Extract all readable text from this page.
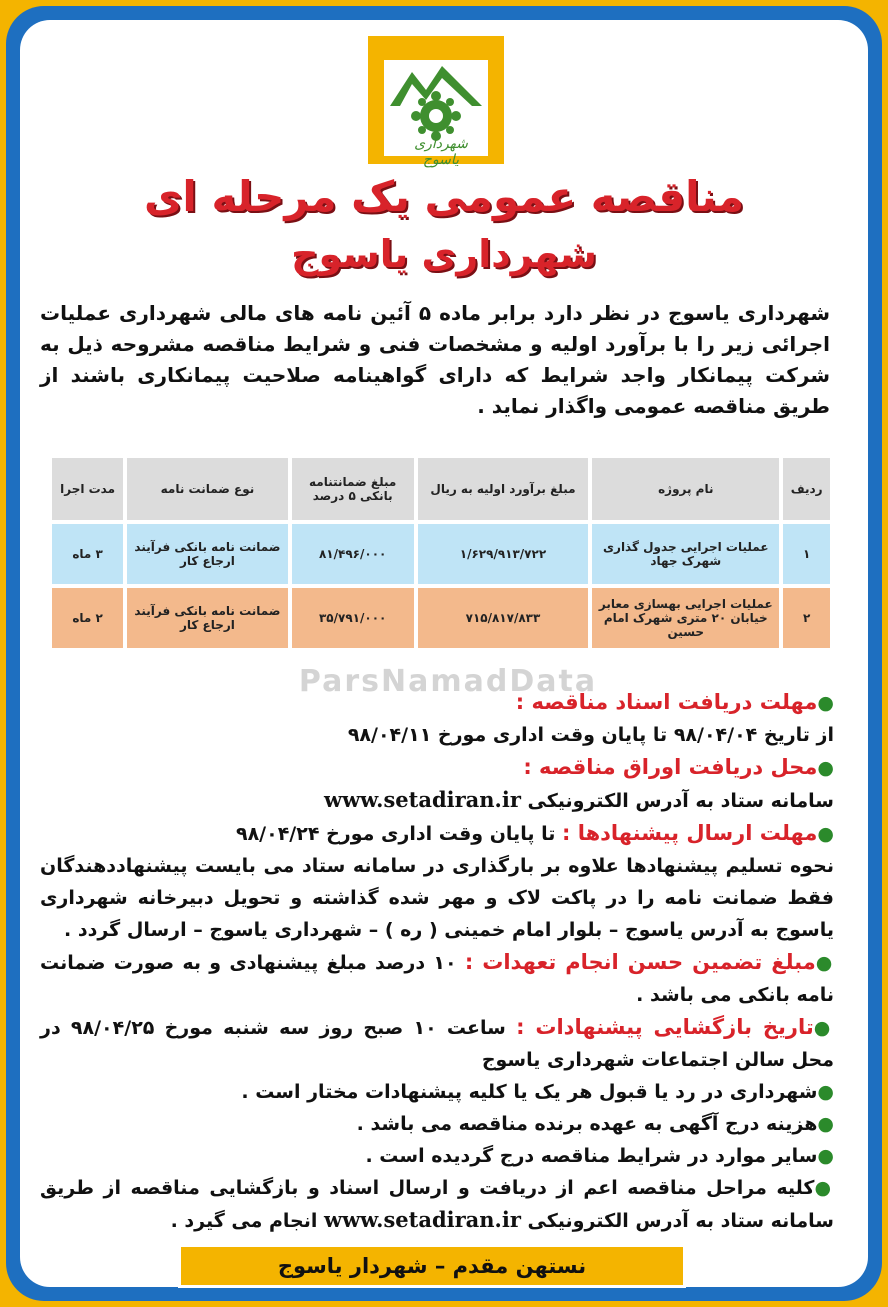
شهرداری یاسوج
مناقصه عمومی یک مرحله ای
شهرداری یاسوج
شهرداری یاسوج در نظر دارد برابر ماده ۵ آئین نامه های مالی شهرداری عملیات اجرائی زیر را با برآورد اولیه و مشخصات فنی و شرایط مناقصه مشروحه ذیل به شرکت پیمانکار واجد شرایط که دارای گواهینامه صلاحیت پیمانکاری باشند از طریق مناقصه عمومی واگذار نماید .
ردیف	نام پروژه	مبلغ برآورد اولیه به ریال	مبلغ ضمانتنامه بانکی ۵ درصد	نوع ضمانت نامه	مدت اجرا
۱	عملیات اجرایی جدول گذاری شهرک جهاد	۱/۶۲۹/۹۱۳/۷۲۲	۸۱/۴۹۶/۰۰۰	ضمانت نامه بانکی فرآیند ارجاع کار	۳ ماه
۲	عملیات اجرایی بهسازی معابر خیابان ۲۰ متری شهرک امام حسین	۷۱۵/۸۱۷/۸۳۳	۳۵/۷۹۱/۰۰۰	ضمانت نامه بانکی فرآیند ارجاع کار	۲ ماه
ParsNamadData

●مهلت دریافت اسناد مناقصه :

از تاریخ ۹۸/۰۴/۰۴ تا پایان وقت اداری مورخ ۹۸/۰۴/۱۱

●محل دریافت اوراق مناقصه :

سامانه ستاد به آدرس الکترونیکی www.setadiran.ir

●مهلت ارسال پیشنهادها : تا پایان وقت اداری مورخ ۹۸/۰۴/۲۴

نحوه تسلیم پیشنهادها علاوه بر بارگذاری در سامانه ستاد می بایست پیشنهاددهندگان فقط ضمانت نامه را در پاکت لاک و مهر شده گذاشته و تحویل دبیرخانه شهرداری یاسوج به آدرس یاسوج – بلوار امام خمینی ( ره ) – شهرداری یاسوج – ارسال گردد .

●مبلغ تضمین حسن انجام تعهدات : ۱۰ درصد مبلغ پیشنهادی و به صورت ضمانت نامه بانکی می باشد .

●تاریخ بازگشایی پیشنهادات : ساعت ۱۰ صبح روز سه شنبه مورخ ۹۸/۰۴/۲۵ در محل سالن اجتماعات شهرداری یاسوج

●شهرداری در رد یا قبول هر یک یا کلیه پیشنهادات مختار است .

●هزینه درج آگهی به عهده برنده مناقصه می باشد .

●سایر موارد در شرایط مناقصه درج گردیده است .

●کلیه مراحل مناقصه اعم از دریافت و ارسال اسناد و بازگشایی مناقصه از طریق سامانه ستاد به آدرس الکترونیکی www.setadiran.ir انجام می گیرد .

نستهن مقدم – شهردار یاسوج
